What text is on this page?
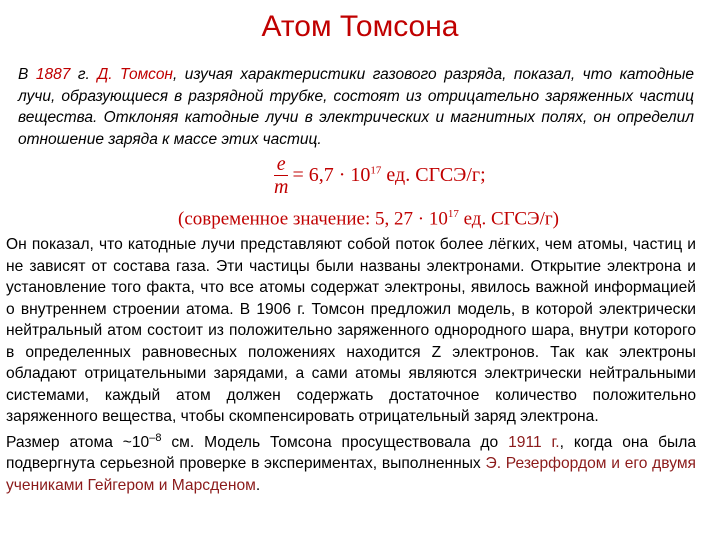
Атом Томсона
В 1887 г. Д. Томсон, изучая характеристики газового разряда, показал, что катодные лучи, образующиеся в разрядной трубке, состоят из отрицательно заряженных частиц вещества. Отклоняя катодные лучи в электрических и магнитных полях, он определил отношение заряда к массе этих частиц.
$\frac{e}{m} = 6,7 \cdot 10^{17}$ ед. СГСЭ/г;
(современное значение: 5, $27 \cdot 10^{17}$ ед. СГСЭ/г)

Он показал, что катодные лучи представляют собой поток более лёгких, чем атомы, частиц и не зависят от состава газа. Эти частицы были названы электронами. Открытие электрона и установление того факта, что все атомы содержат электроны, явилось важной информацией о внутреннем строении атома. В 1906 г. Томсон предложил модель, в которой электрически нейтральный атом состоит из положительно заряженного однородного шара, внутри которого в определенных равновесных положениях находится Z электронов. Так как электроны обладают отрицательными зарядами, а сами атомы являются электрически нейтральными системами, каждый атом должен содержать достаточное количество положительно заряженного вещества, чтобы скомпенсировать отрицательный заряд электрона.

Размер атома $\sim 10^{-8}$ см. Модель Томсона просуществовала до 1911 г., когда она была подвергнута серьезной проверке в экспериментах, выполненных Э. Резерфордом и его двумя учениками Гейгером и Марсденом.
